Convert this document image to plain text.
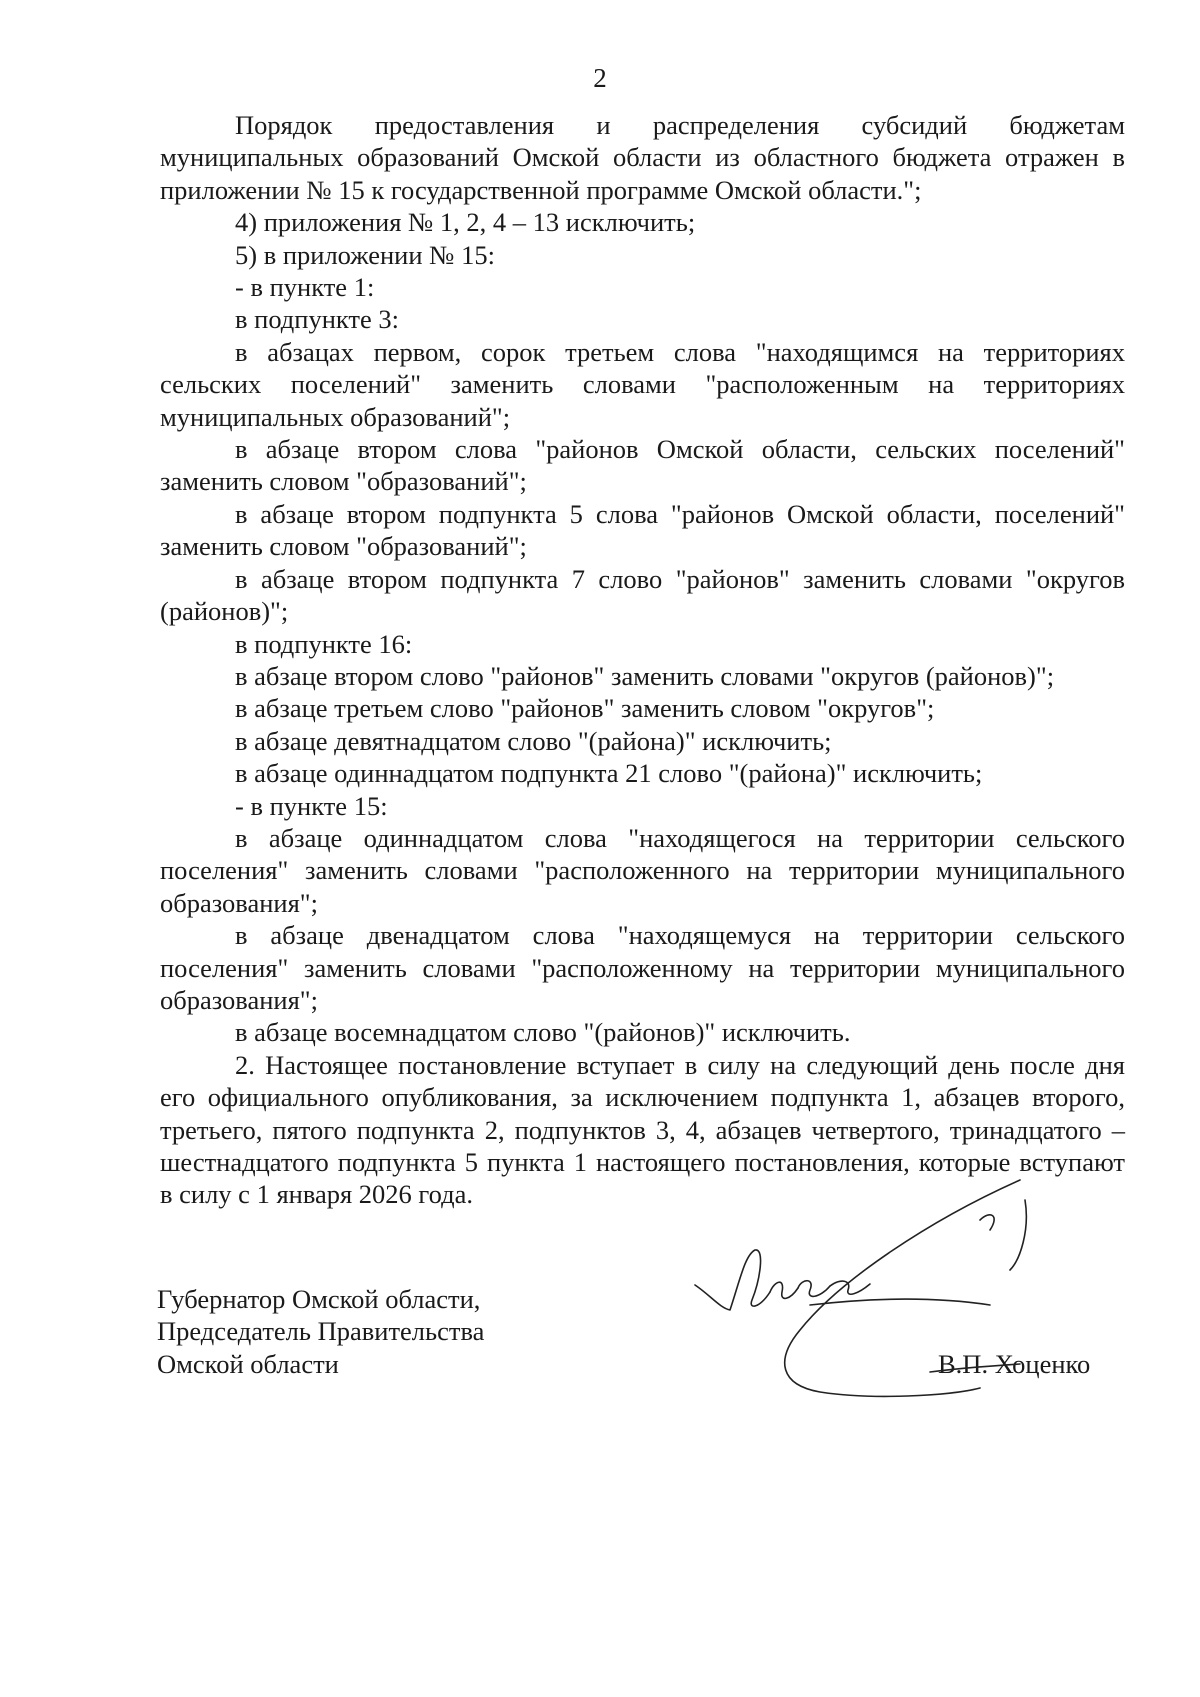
2

Порядок предоставления и распределения субсидий бюджетам муниципальных образований Омской области из областного бюджета отражен в приложении № 15 к государственной программе Омской области.";

4) приложения № 1, 2, 4 – 13 исключить;

5) в приложении № 15:

- в пункте 1:

в подпункте 3:

в абзацах первом, сорок третьем слова "находящимся на территориях сельских поселений" заменить словами "расположенным на территориях муниципальных образований";

в абзаце втором слова "районов Омской области, сельских поселений" заменить словом "образований";

в абзаце втором подпункта 5 слова "районов Омской области, поселений" заменить словом "образований";

в абзаце втором подпункта 7 слово "районов" заменить словами "округов (районов)";

в подпункте 16:

в абзаце втором слово "районов" заменить словами "округов (районов)";

в абзаце третьем слово "районов" заменить словом "округов";

в абзаце девятнадцатом слово "(района)" исключить;

в абзаце одиннадцатом подпункта 21 слово "(района)" исключить;

- в пункте 15:

в абзаце одиннадцатом слова "находящегося на территории сельского поселения" заменить словами "расположенного на территории муниципального образования";

в абзаце двенадцатом слова "находящемуся на территории сельского поселения" заменить словами "расположенному на территории муниципального образования";

в абзаце восемнадцатом слово "(районов)" исключить.

2. Настоящее постановление вступает в силу на следующий день после дня его официального опубликования, за исключением подпункта 1, абзацев второго, третьего, пятого подпункта 2, подпунктов 3, 4, абзацев четвертого, тринадцатого – шестнадцатого подпункта 5 пункта 1 настоящего постановления, которые вступают в силу с 1 января 2026 года.

Губернатор Омской области,
Председатель Правительства
Омской области	В.П. Хоценко
